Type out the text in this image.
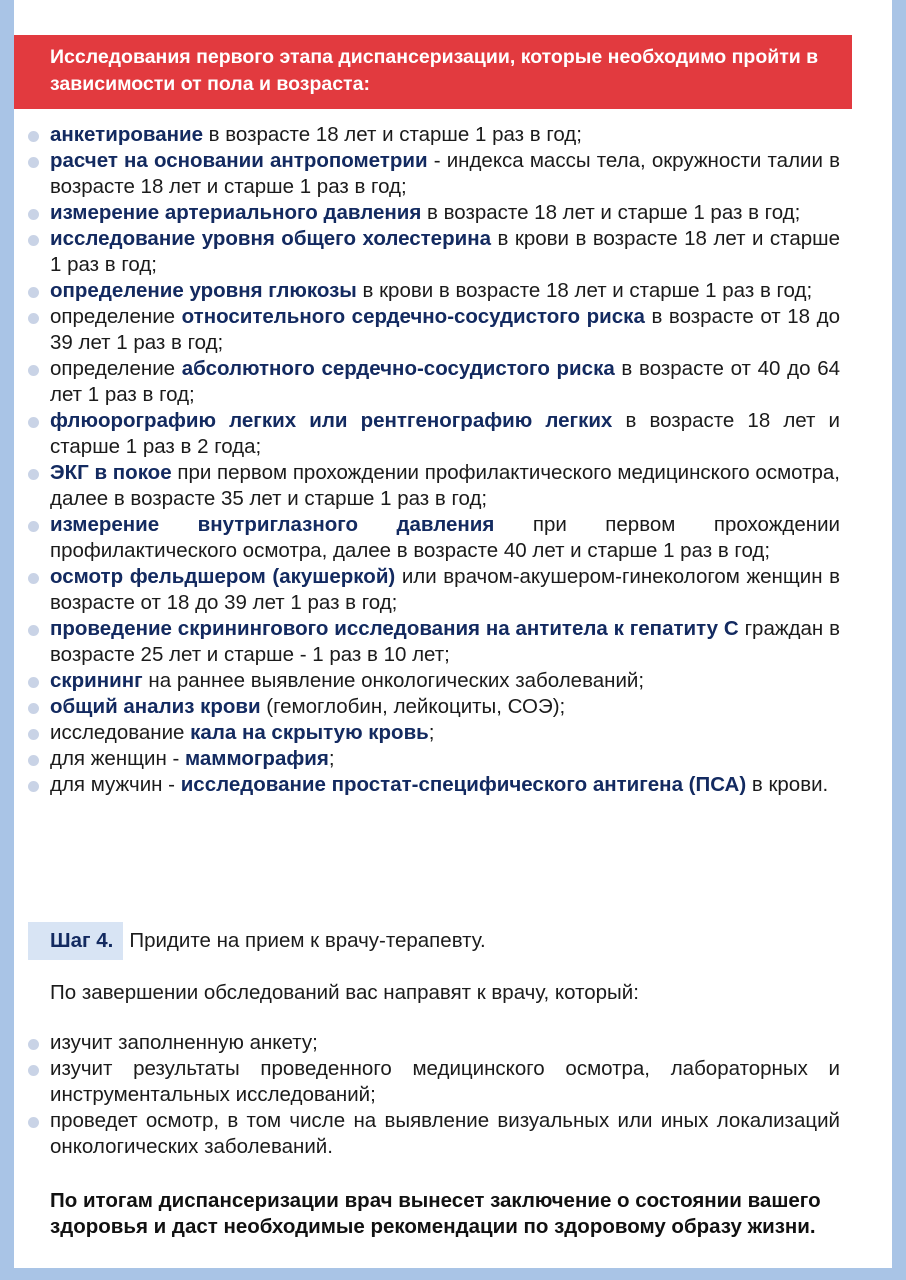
Исследования первого этапа диспансеризации, которые необходимо пройти в зависимости от пола и возраста:
анкетирование в возрасте 18 лет и старше 1 раз в год;
расчет на основании антропометрии - индекса массы тела, окружности талии в возрасте 18 лет и старше 1 раз в год;
измерение артериального давления в возрасте 18 лет и старше 1 раз в год;
исследование уровня общего холестерина в крови в возрасте 18 лет и старше 1 раз в год;
определение уровня глюкозы в крови в возрасте 18 лет и старше 1 раз в год;
определение относительного сердечно-сосудистого риска в возрасте от 18 до 39 лет 1 раз в год;
определение абсолютного сердечно-сосудистого риска в возрасте от 40 до 64 лет 1 раз в год;
флюорографию легких или рентгенографию легких в возрасте 18 лет и старше 1 раз в 2 года;
ЭКГ в покое при первом прохождении профилактического медицинского осмотра, далее в возрасте 35 лет и старше 1 раз в год;
измерение внутриглазного давления при первом прохождении профилактического осмотра, далее в возрасте 40 лет и старше 1 раз в год;
осмотр фельдшером (акушеркой) или врачом-акушером-гинекологом женщин в возрасте от 18 до 39 лет 1 раз в год;
проведение скринингового исследования на антитела к гепатиту С граждан в возрасте 25 лет и старше - 1 раз в 10 лет;
скрининг на раннее выявление онкологических заболеваний;
общий анализ крови (гемоглобин, лейкоциты, СОЭ);
исследование кала на скрытую кровь;
для женщин - маммография;
для мужчин - исследование простат-специфического антигена (ПСА) в крови.
Шаг 4. Придите на прием к врачу-терапевту.
По завершении обследований вас направят к врачу, который:
изучит заполненную анкету;
изучит результаты проведенного медицинского осмотра, лабораторных и инструментальных исследований;
проведет осмотр, в том числе на выявление визуальных или иных локализаций онкологических заболеваний.
По итогам диспансеризации врач вынесет заключение о состоянии вашего здоровья и даст необходимые рекомендации по здоровому образу жизни.
